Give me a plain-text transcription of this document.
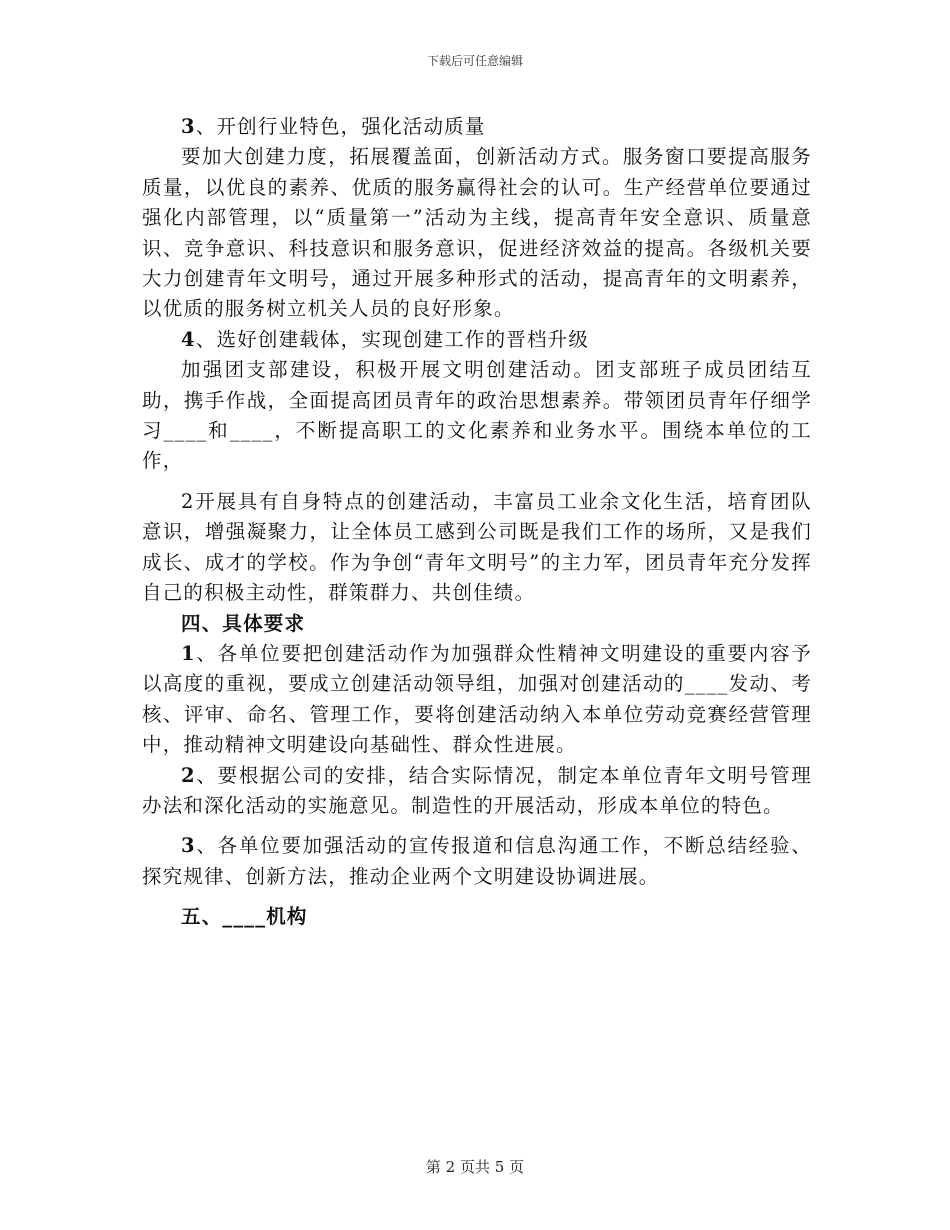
下载后可任意编辑

3、开创行业特色，强化活动质量

要加大创建力度，拓展覆盖面，创新活动方式。服务窗口要提高服务质量，以优良的素养、优质的服务赢得社会的认可。生产经营单位要通过强化内部管理，以“质量第一”活动为主线，提高青年安全意识、质量意识、竞争意识、科技意识和服务意识，促进经济效益的提高。各级机关要大力创建青年文明号，通过开展多种形式的活动，提高青年的文明素养，以优质的服务树立机关人员的良好形象。

4、选好创建载体，实现创建工作的晋档升级

加强团支部建设，积极开展文明创建活动。团支部班子成员团结互助，携手作战，全面提高团员青年的政治思想素养。带领团员青年仔细学习____和____，不断提高职工的文化素养和业务水平。围绕本单位的工作，

2开展具有自身特点的创建活动，丰富员工业余文化生活，培育团队意识，增强凝聚力，让全体员工感到公司既是我们工作的场所，又是我们成长、成才的学校。作为争创“青年文明号”的主力军，团员青年充分发挥自己的积极主动性，群策群力、共创佳绩。

四、具体要求

1、各单位要把创建活动作为加强群众性精神文明建设的重要内容予以高度的重视，要成立创建活动领导组，加强对创建活动的____发动、考核、评审、命名、管理工作，要将创建活动纳入本单位劳动竞赛经营管理中，推动精神文明建设向基础性、群众性进展。

2、要根据公司的安排，结合实际情况，制定本单位青年文明号管理办法和深化活动的实施意见。制造性的开展活动，形成本单位的特色。

3、各单位要加强活动的宣传报道和信息沟通工作，不断总结经验、探究规律、创新方法，推动企业两个文明建设协调进展。

五、____机构

第 2 页共 5 页
